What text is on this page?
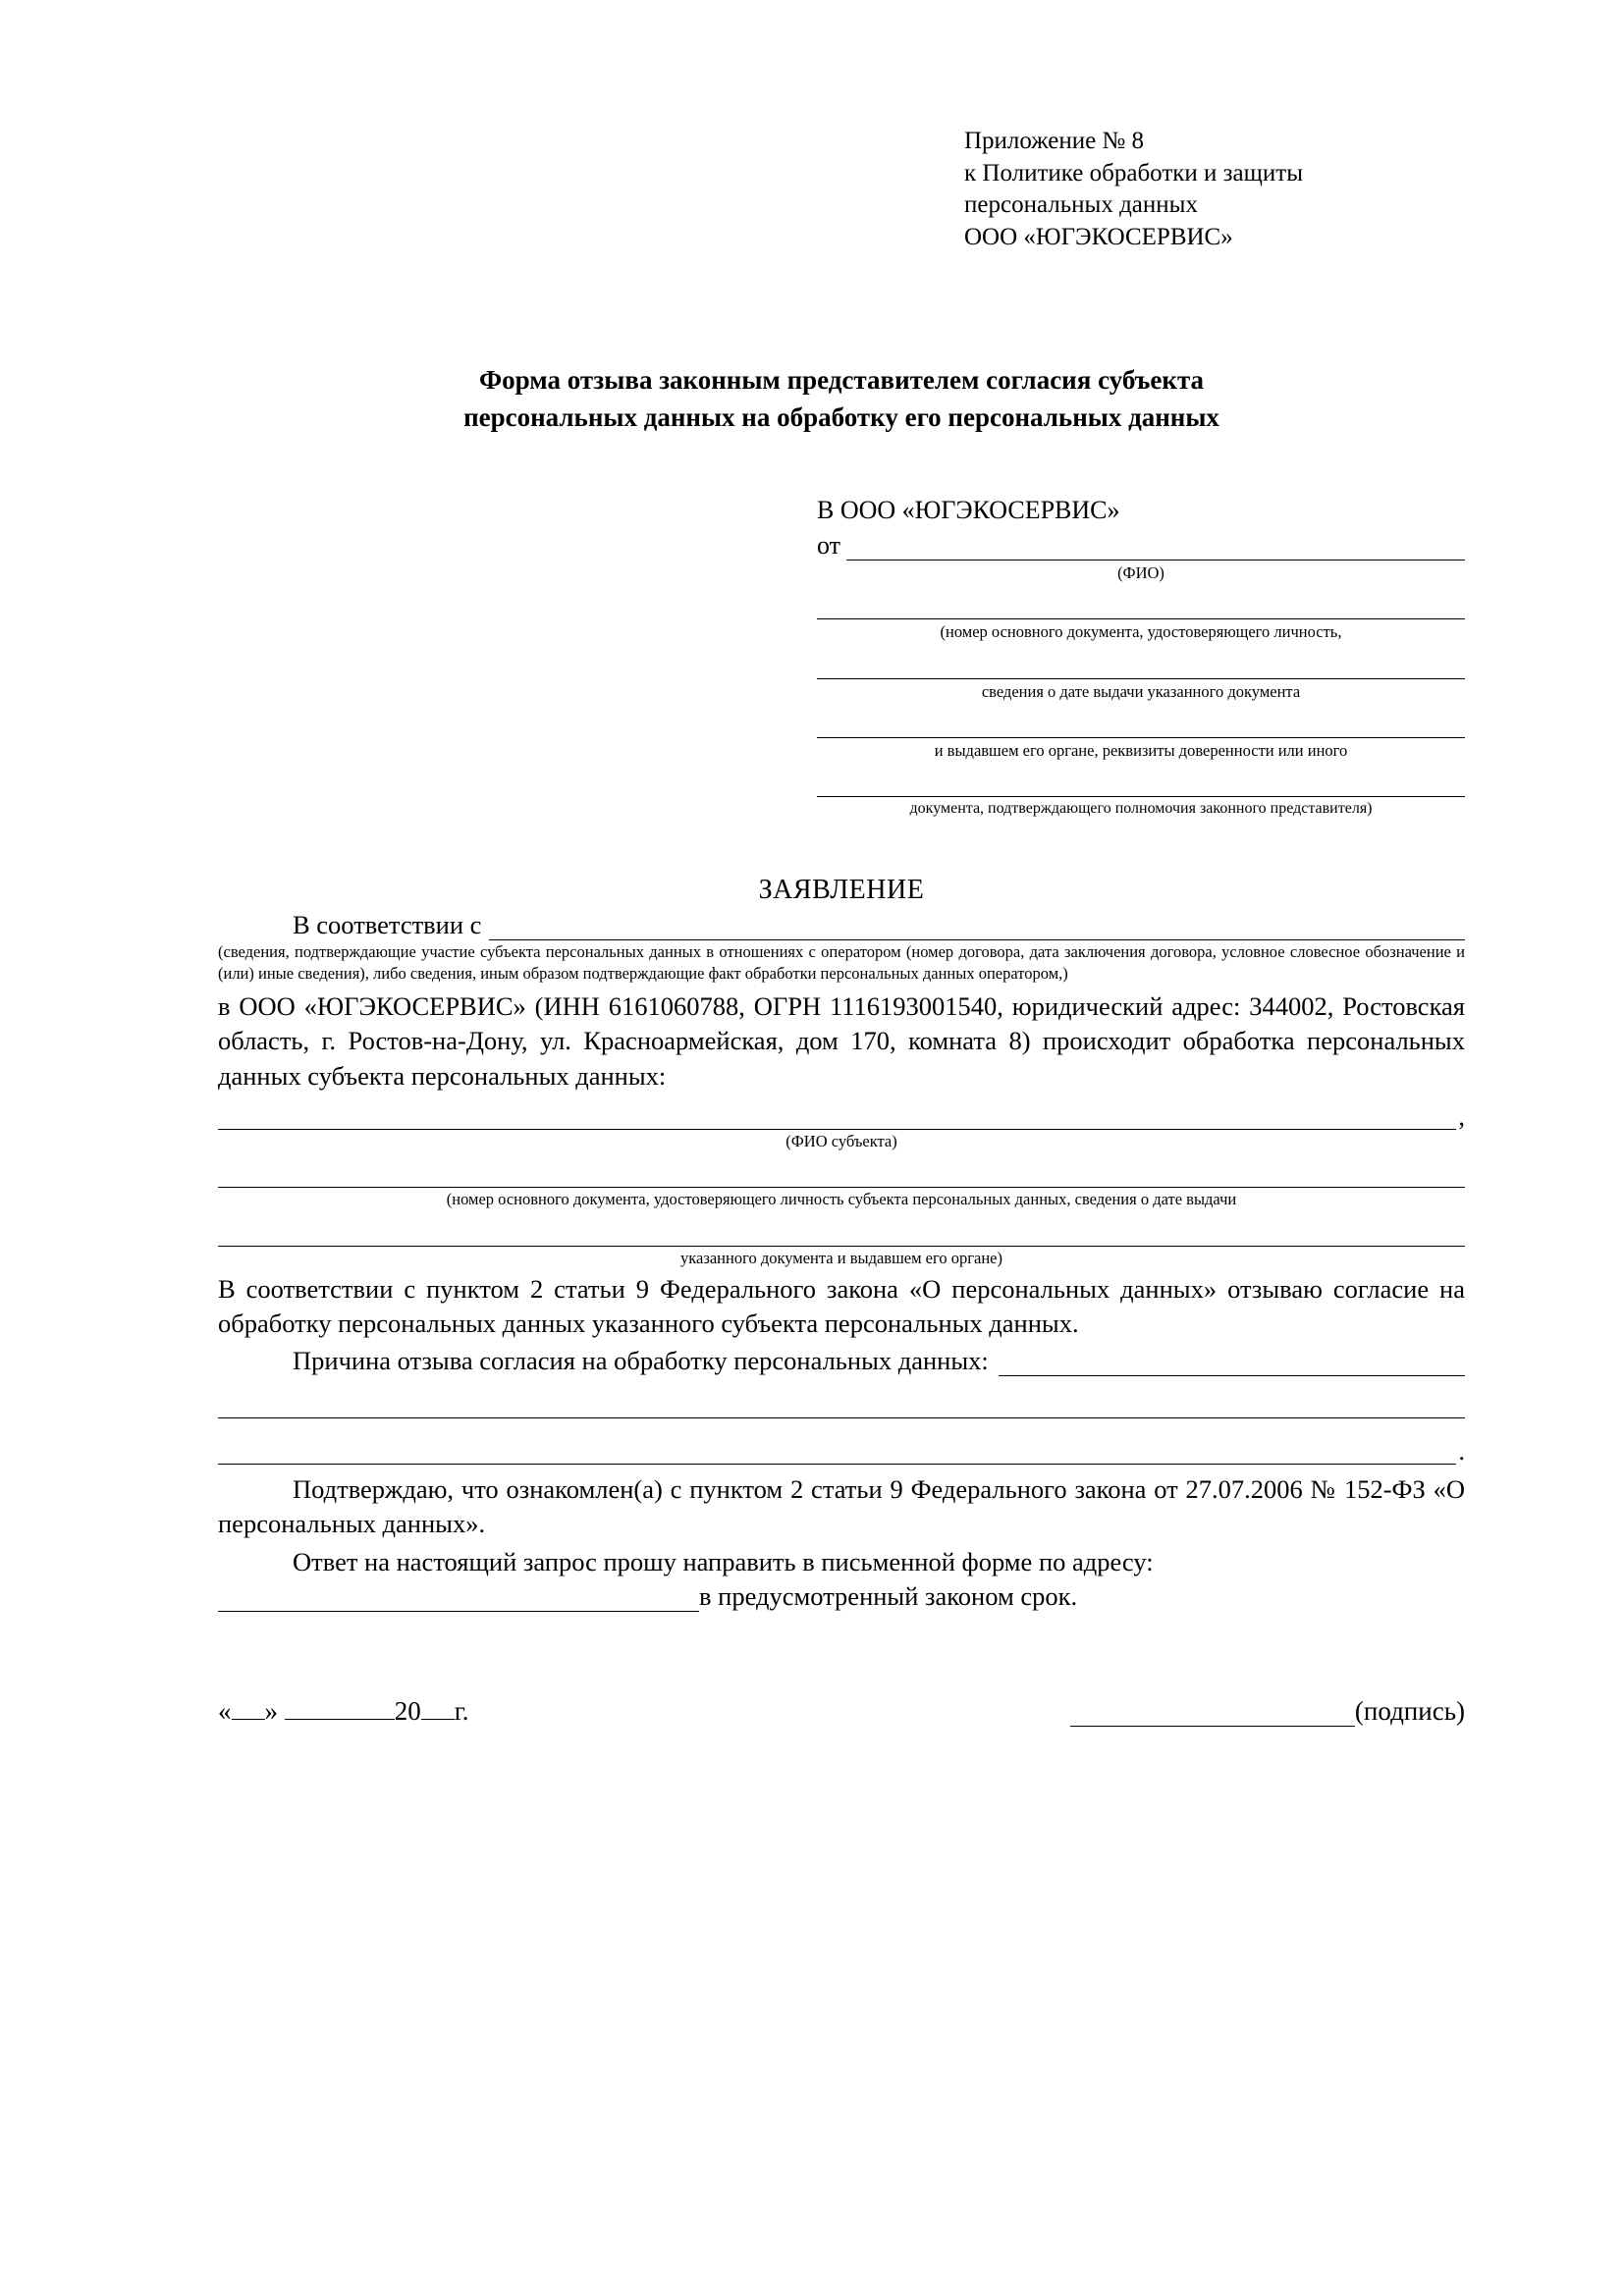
Приложение № 8
к Политике обработки и защиты
персональных данных
ООО «ЮГЭКОСЕРВИС»
Форма отзыва законным представителем согласия субъекта
персональных данных на обработку его персональных данных
В ООО «ЮГЭКОСЕРВИС»
от
(ФИО)
(номер основного документа, удостоверяющего личность,
сведения о дате выдачи указанного документа
и выдавшем его органе, реквизиты доверенности или иного
документа, подтверждающего полномочия законного представителя)
ЗАЯВЛЕНИЕ
В соответствии с
(сведения, подтверждающие участие субъекта персональных данных в отношениях с оператором (номер договора, дата заключения договора, условное словесное обозначение и (или) иные сведения), либо сведения, иным образом подтверждающие факт обработки персональных данных оператором,)
в ООО «ЮГЭКОСЕРВИС» (ИНН 6161060788, ОГРН 1116193001540, юридический адрес: 344002, Ростовская область, г. Ростов-на-Дону, ул. Красноармейская, дом 170, комната 8) происходит обработка персональных данных субъекта персональных данных:
,
(ФИО субъекта)
(номер основного документа, удостоверяющего личность субъекта персональных данных, сведения о дате выдачи
указанного документа и выдавшем его органе)
В соответствии с пунктом 2 статьи 9 Федерального закона «О персональных данных» отзываю согласие на обработку персональных данных указанного субъекта персональных данных.
Причина отзыва согласия на обработку персональных данных:
.
Подтверждаю, что ознакомлен(а) с пунктом 2 статьи 9 Федерального закона от 27.07.2006 № 152-ФЗ «О персональных данных».
Ответ на настоящий запрос прошу направить в письменной форме по адресу:
в предусмотренный законом срок.
« »	20 г.	(подпись)
